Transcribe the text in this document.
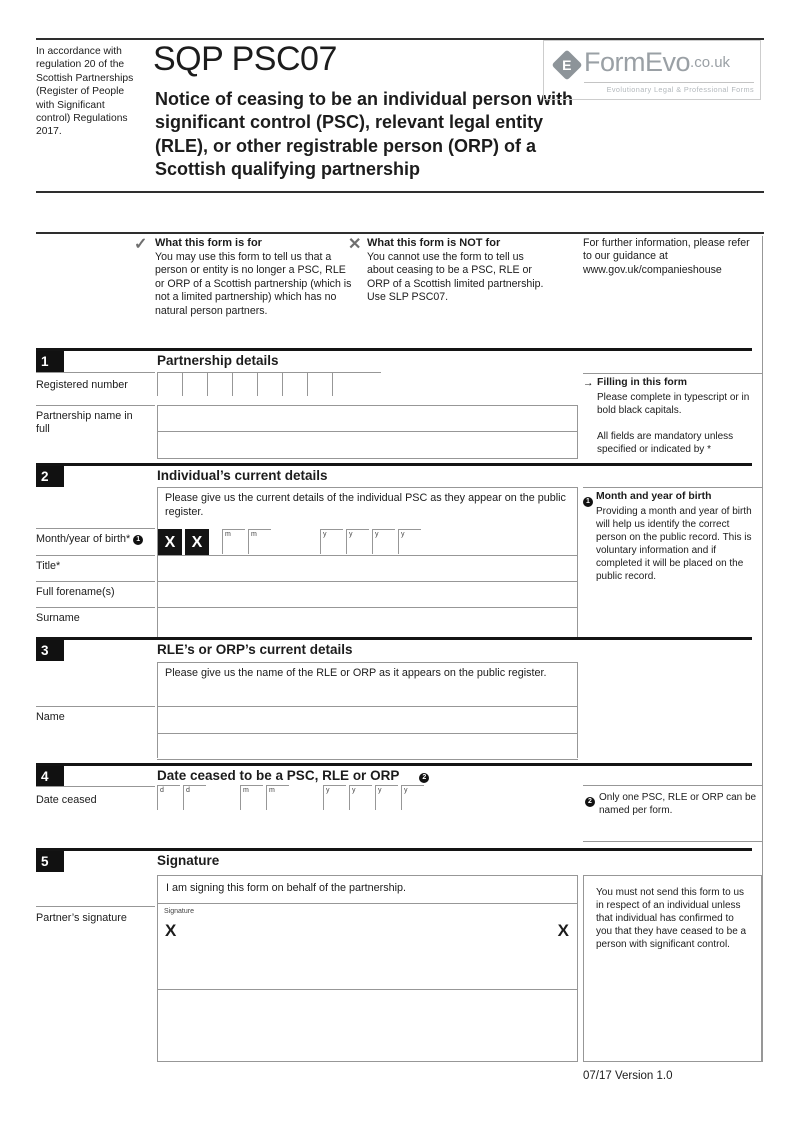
In accordance with regulation 20 of the Scottish Partnerships (Register of People with Significant control) Regulations 2017.
SQP PSC07
Notice of ceasing to be an individual person with significant control (PSC), relevant legal entity (RLE), or other registrable person (ORP) of a Scottish qualifying partnership
E FormEvo .co.uk
Evolutionary Legal & Professional Forms
✓ What this form is for
You may use this form to tell us that a person or entity is no longer a PSC, RLE or ORP of a Scottish partnership (which is not a limited partnership) which has no natural person partners.
✕ What this form is NOT for
You cannot use the form to tell us about ceasing to be a PSC, RLE or ORP of a Scottish limited partnership. Use SLP PSC07.
For further information, please refer to our guidance at www.gov.uk/companieshouse
1	Partnership details
Registered number
Partnership name in full
→ Filling in this form
Please complete in typescript or in bold black capitals.
All fields are mandatory unless specified or indicated by *
2	Individual’s current details
Please give us the current details of the individual PSC as they appear on the public register.
Month/year of birth* 1	X	X	m	m	y	y	y	y
Title*
Full forename(s)
Surname
1 Month and year of birth
Providing a month and year of birth will help us identify the correct person on the public record. This is voluntary information and if completed it will be placed on the public record.
3	RLE’s or ORP’s current details
Please give us the name of the RLE or ORP as it appears on the public register.
Name
4	Date ceased to be a PSC, RLE or ORP	2
Date ceased
d	d	m	m	y	y	y	y
2 Only one PSC, RLE or ORP can be named per form.
5	Signature
I am signing this form on behalf of the partnership.
Partner’s signature
Signature
X	X
You must not send this form to us in respect of an individual unless that individual has confirmed to you that they have ceased to be a person with significant control.
07/17 Version 1.0
